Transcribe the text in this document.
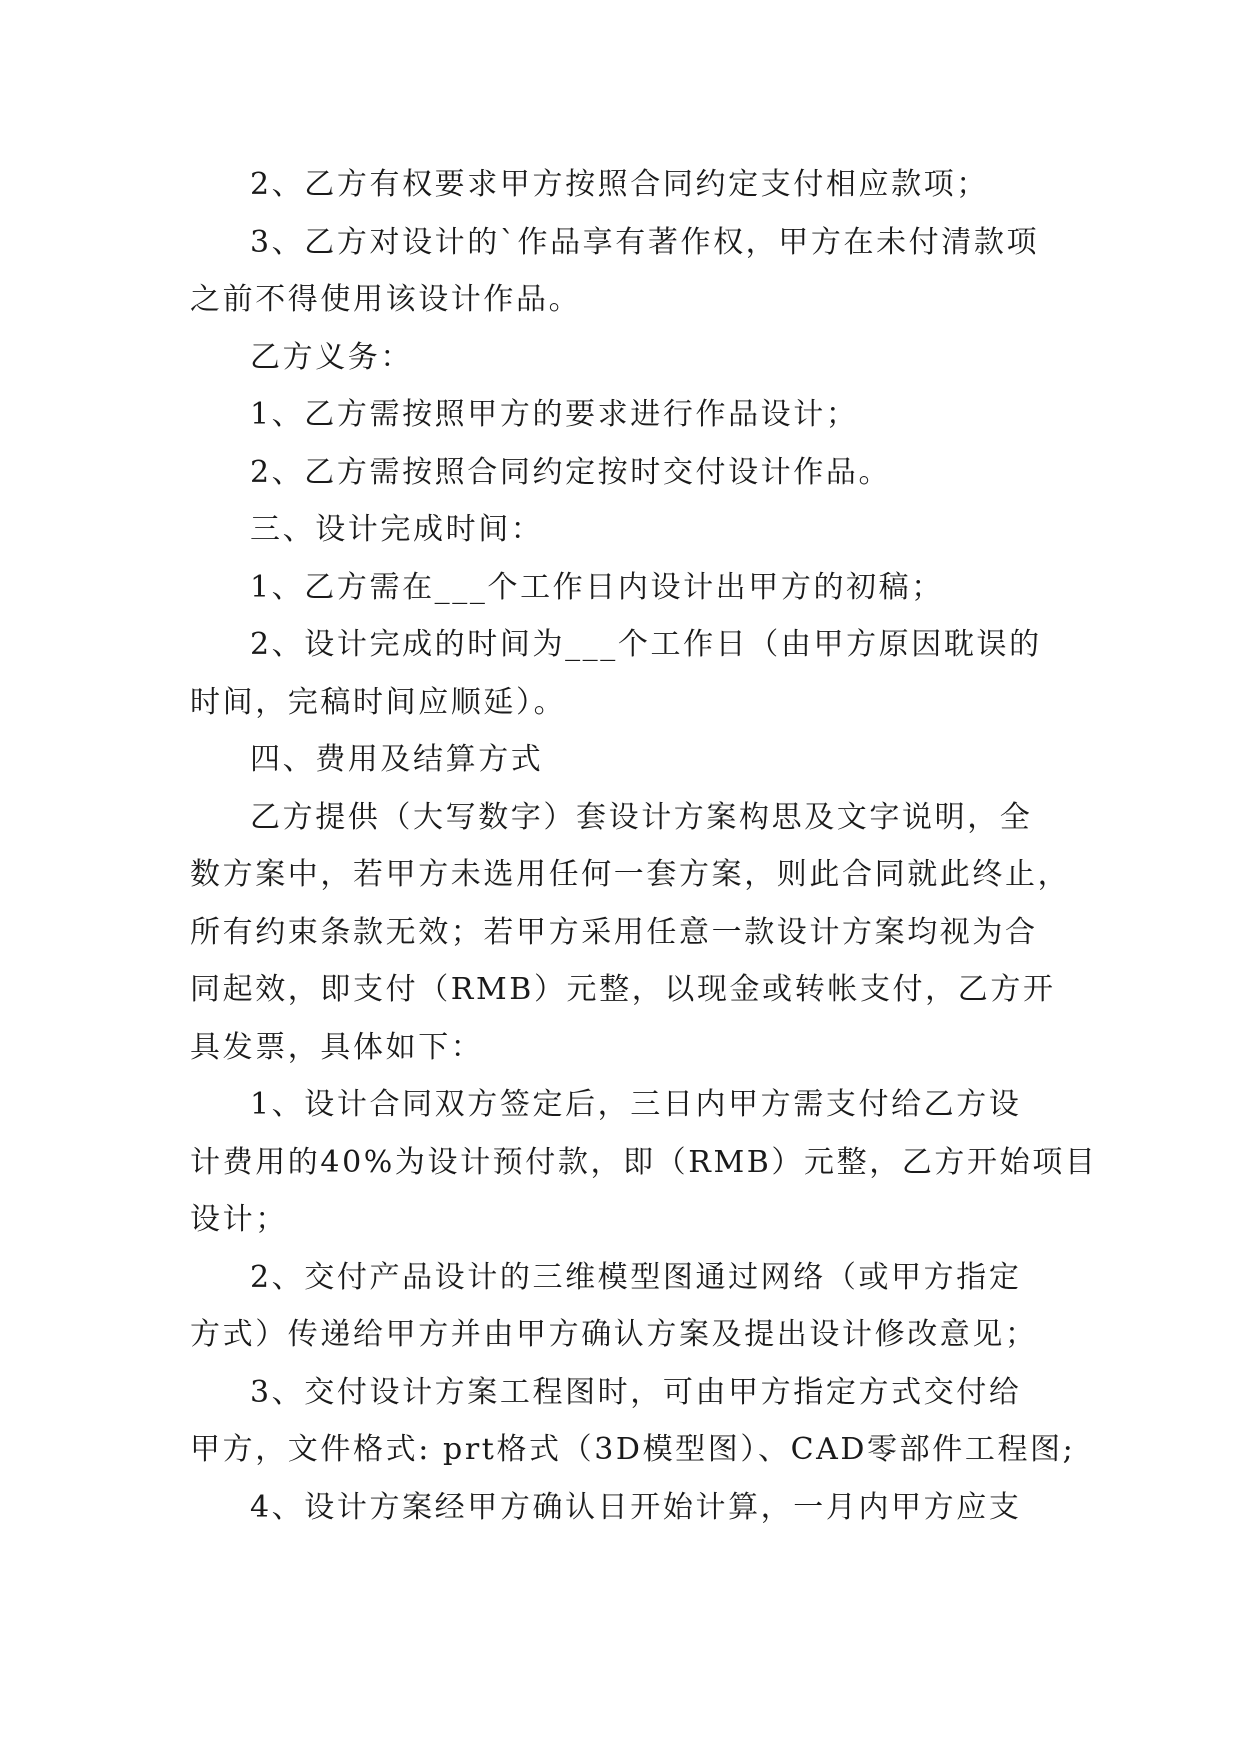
2、乙方有权要求甲方按照合同约定支付相应款项；
3、乙方对设计的`作品享有著作权，甲方在未付清款项
之前不得使用该设计作品。
乙方义务：
1、乙方需按照甲方的要求进行作品设计；
2、乙方需按照合同约定按时交付设计作品。
三、设计完成时间：
1、乙方需在___个工作日内设计出甲方的初稿；
2、设计完成的时间为___个工作日（由甲方原因耽误的
时间，完稿时间应顺延）。
四、费用及结算方式
乙方提供（大写数字）套设计方案构思及文字说明，全
数方案中，若甲方未选用任何一套方案，则此合同就此终止，
所有约束条款无效；若甲方采用任意一款设计方案均视为合
同起效，即支付（RMB）元整，以现金或转帐支付，乙方开
具发票，具体如下：
1、设计合同双方签定后，三日内甲方需支付给乙方设
计费用的40%为设计预付款，即（RMB）元整，乙方开始项目
设计；
2、交付产品设计的三维模型图通过网络（或甲方指定
方式）传递给甲方并由甲方确认方案及提出设计修改意见；
3、交付设计方案工程图时，可由甲方指定方式交付给
甲方，文件格式: prt格式（3D模型图）、CAD零部件工程图;
4、设计方案经甲方确认日开始计算，一月内甲方应支
